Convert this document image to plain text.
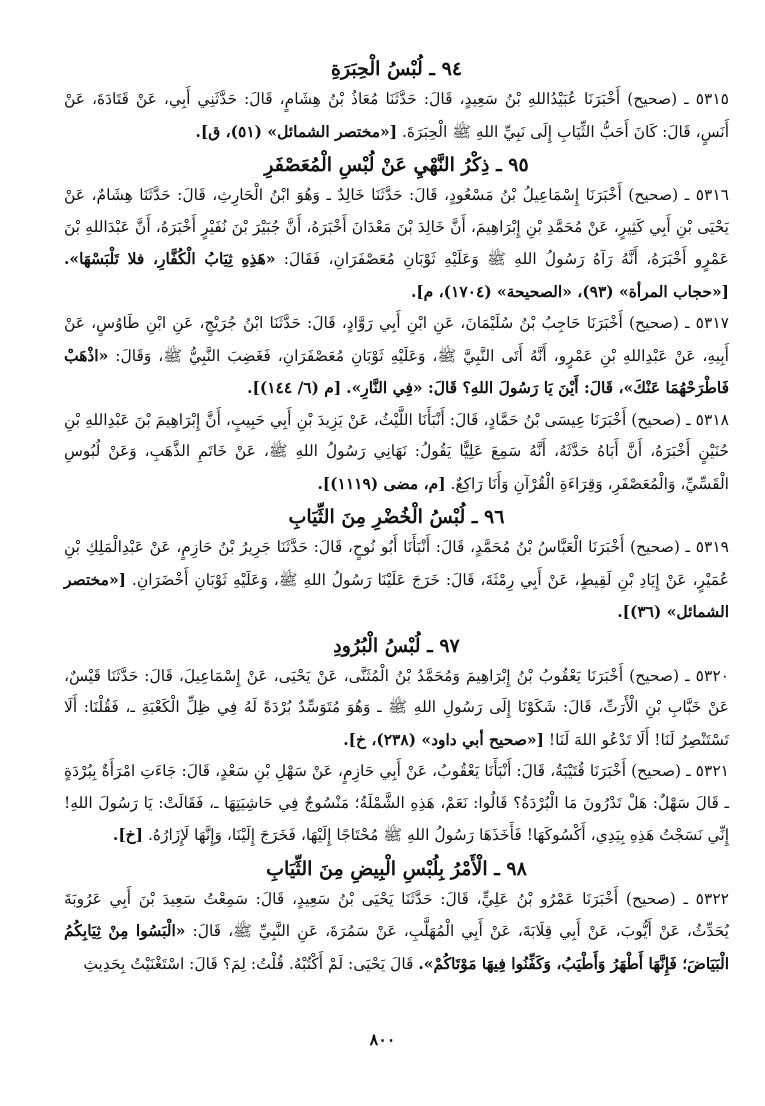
٩٤ ـ لُبْسُ الْحِبَرَةِ

٥٣١٥ ـ (صحيح) أَخْبَرَنَا عُبَيْدُاللهِ بْنُ سَعِيدٍ، قَالَ: حَدَّثَنَا مُعَاذُ بْنُ هِشَامٍ، قَالَ: حَدَّثَنِي أَبِي، عَنْ قَتَادَةَ، عَنْ أَنَسٍ، قَالَ: كَانَ أَحَبُّ الثِّيَابِ إِلَى نَبِيِّ اللهِ ﷺ الْحِبَرَةَ. [«مختصر الشمائل» (٥١)، ق].

٩٥ ـ ذِكْرُ النَّهْيِ عَنْ لُبْسِ الْمُعَصْفَرِ

٥٣١٦ ـ (صحيح) أَخْبَرَنَا إِسْمَاعِيلُ بْنُ مَسْعُودٍ، قَالَ: حَدَّثَنَا خَالِدٌ ـ وَهُوَ ابْنُ الْحَارِثِ، قَالَ: حَدَّثَنَا هِشَامٌ، عَنْ يَحْيَى بْنِ أَبِي كَثِيرٍ، عَنْ مُحَمَّدِ بْنِ إِبْرَاهِيمَ، أَنَّ خَالِدَ بْنَ مَعْدَانَ أَخْبَرَهُ، أَنَّ جُبَيْرَ بْنَ نُفَيْرٍ أَخْبَرَهُ، أَنَّ عَبْدَاللهِ بْنَ عَمْرٍو أَخْبَرَهُ، أَنَّهُ رَآهُ رَسُولُ اللهِ ﷺ وَعَلَيْهِ ثَوْبَانِ مُعَصْفَرَانِ، فَقَالَ: «هَذِهِ ثِيَابُ الْكُفَّارِ، فلا تَلْبَسْهَا». [«حجاب المرأة» (٩٣)، «الصحيحة» (١٧٠٤)، م].

٥٣١٧ ـ (صحيح) أَخْبَرَنَا حَاجِبُ بْنُ سُلَيْمَانَ، عَنِ ابْنِ أَبِي رَوَّادٍ، قَالَ: حَدَّثَنَا ابْنُ جُرَيْجٍ، عَنِ ابْنِ طَاوُسٍ، عَنْ أَبِيهِ، عَنْ عَبْدِاللهِ بْنِ عَمْرٍو، أَنَّهُ أَتَى النَّبِيَّ ﷺ، وَعَلَيْهِ ثَوْبَانِ مُعَصْفَرَانِ، فَغَضِبَ النَّبِيُّ ﷺ، وَقَالَ: «اذْهَبْ فَاطْرَحْهُمَا عَنْكَ»، قَالَ: أَيْنَ يَا رَسُولَ اللهِ؟ قَالَ: «فِي النَّارِ». [م (٦/ ١٤٤)].

٥٣١٨ ـ (صحيح) أَخْبَرَنَا عِيسَى بْنُ حَمَّادٍ، قَالَ: أَنْبَأَنَا اللَّيْثُ، عَنْ يَزِيدَ بْنِ أَبِي حَبِيبٍ، أَنَّ إِبْرَاهِيمَ بْنَ عَبْدِاللهِ بْنِ حُنَيْنٍ أَخْبَرَهُ، أَنَّ أَبَاهُ حَدَّثَهُ، أَنَّهُ سَمِعَ عَلِيًّا يَقُولُ: نَهَانِي رَسُولُ اللهِ ﷺ، عَنْ خَاتَمِ الذَّهَبِ، وَعَنْ لُبُوسِ الْقَسِّيِّ، وَالْمُعَصْفَرِ، وَقِرَاءَةِ الْقُرْآنِ وَأَنَا رَاكِعٌ. [م، مضى (١١١٩)].

٩٦ ـ لُبْسُ الْخُضْرِ مِنَ الثِّيَابِ

٥٣١٩ ـ (صحيح) أَخْبَرَنَا الْعَبَّاسُ بْنُ مُحَمَّدٍ، قَالَ: أَنْبَأَنَا أَبُو نُوحٍ، قَالَ: حَدَّثَنَا جَرِيرُ بْنُ حَازِمٍ، عَنْ عَبْدِالْمَلِكِ بْنِ عُمَيْرٍ، عَنْ إِيَادِ بْنِ لَقِيطٍ، عَنْ أَبِي رِمْثَةَ، قَالَ: خَرَجَ عَلَيْنَا رَسُولُ اللهِ ﷺ، وَعَلَيْهِ ثَوْبَانِ أَخْضَرَانِ. [«مختصر الشمائل» (٣٦)].

٩٧ ـ لُبْسُ الْبُرُودِ

٥٣٢٠ ـ (صحيح) أَخْبَرَنَا يَعْقُوبُ بْنُ إِبْرَاهِيمَ وَمُحَمَّدُ بْنُ الْمُثَنَّى، عَنْ يَحْيَى، عَنْ إِسْمَاعِيلَ، قَالَ: حَدَّثَنَا قَيْسٌ، عَنْ خَبَّابِ بْنِ الْأَرَتِّ، قَالَ: شَكَوْنَا إِلَى رَسُولِ اللهِ ﷺ ـ وَهُوَ مُتَوَسِّدٌ بُرْدَةً لَهُ فِي ظِلِّ الْكَعْبَةِ ـ، فَقُلْنَا: أَلَا تَسْتَنْصِرُ لَنَا! أَلَا تَدْعُو اللهَ لَنَا! [«صحيح أبي داود» (٢٣٨)، خ].

٥٣٢١ ـ (صحيح) أَخْبَرَنَا قُتَيْبَةُ، قَالَ: أَنْبَأَنَا يَعْقُوبُ، عَنْ أَبِي حَازِمٍ، عَنْ سَهْلِ بْنِ سَعْدٍ، قَالَ: جَاءَتِ امْرَأَةٌ بِبُرْدَةٍ ـ قَالَ سَهْلٌ: هَلْ تَدْرُونَ مَا الْبُرْدَةُ؟ قَالُوا: نَعَمْ، هَذِهِ الشَّمْلَةُ؛ مَنْسُوجٌ فِي حَاشِيَتِهَا ـ، فَقَالَتْ: يَا رَسُولَ اللهِ! إِنِّي نَسَجْتُ هَذِهِ بِيَدِي، أَكْسُوكَهَا! فَأَخَذَهَا رَسُولُ اللهِ ﷺ مُحْتَاجًا إِلَيْهَا، فَخَرَجَ إِلَيْنَا، وَإِنَّهَا لَإِزَارُهُ. [خ].

٩٨ ـ الْأَمْرُ بِلُبْسِ الْبِيضِ مِنَ الثِّيَابِ

٥٣٢٢ ـ (صحيح) أَخْبَرَنَا عَمْرُو بْنُ عَلِيٍّ، قَالَ: حَدَّثَنَا يَحْيَى بْنُ سَعِيدٍ، قَالَ: سَمِعْتُ سَعِيدَ بْنَ أَبِي عَرُوبَةَ يُحَدِّثُ، عَنْ أَيُّوبَ، عَنْ أَبِي قِلَابَةَ، عَنْ أَبِي الْمُهَلَّبِ، عَنْ سَمُرَةَ، عَنِ النَّبِيِّ ﷺ، قَالَ: «الْبَسُوا مِنْ ثِيَابِكُمُ الْبَيَاضَ؛ فَإِنَّهَا أَطْهَرُ وَأَطْيَبُ، وَكَفِّنُوا فِيهَا مَوْتَاكُمْ». قَالَ يَحْيَى: لَمْ أَكْتُبْهُ. قُلْتُ: لِمَ؟ قَالَ: اسْتَغْنَيْتُ بِحَدِيثِ

٨٠٠
